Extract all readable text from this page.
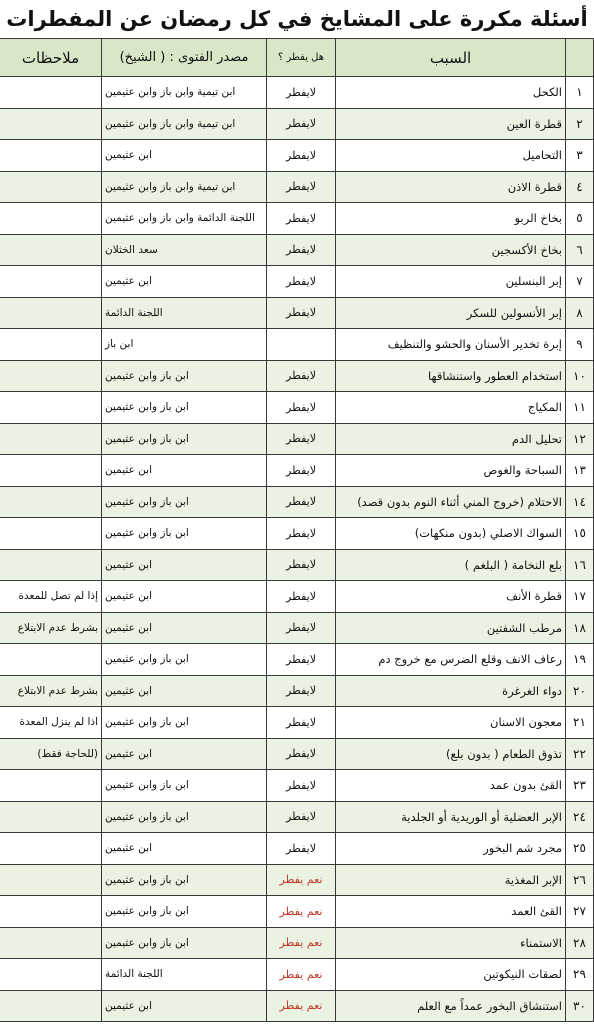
أسئلة مكررة على المشايخ في كل رمضان عن المفطرات
	السبب	هل يفطر ؟	مصدر الفتوى : ( الشيخ)	ملاحظات
١	الكحل	لايفطر	ابن تيمية وابن باز وابن عثيمين	
٢	قطرة العين	لايفطر	ابن تيمية وابن باز وابن عثيمين	
٣	التحاميل	لايفطر	ابن عثيمين	
٤	قطرة الاذن	لايفطر	ابن تيمية وابن باز وابن عثيمين	
٥	بخاخ الربو	لايفطر	اللجنة الدائمة وابن باز وابن عثيمين	
٦	بخاخ الأكسجين	لايفطر	سعد الخثلان	
٧	إبر البنسلين	لايفطر	ابن عثيمين	
٨	إبر الأنسولين للسكر	لايفطر	اللجنة الدائمة	
٩	إبرة تخدير الأسنان والحشو والتنظيف		ابن باز	
١٠	استخدام العطور واستنشاقها	لايفطر	ابن باز وابن عثيمين	
١١	المكياج	لايفطر	ابن باز وابن عثيمين	
١٢	تحليل الدم	لايفطر	ابن باز وابن عثيمين	
١٣	السباحة والغوص	لايفطر	ابن عثيمين	
١٤	الاحتلام (خروج المني أثناء النوم بدون قصد)	لايفطر	ابن باز وابن عثيمين	
١٥	السواك الاصلي (بدون منكهات)	لايفطر	ابن باز وابن عثيمين	
١٦	بلع النخامة ( البلغم )	لايفطر	ابن عثيمين	
١٧	قطرة الأنف	لايفطر	ابن عثيمين	إذا لم تصل للمعدة
١٨	مرطب الشفتين	لايفطر	ابن عثيمين	بشرط عدم الابتلاع
١٩	رعاف الانف وقلع الضرس مع خروج دم	لايفطر	ابن باز وابن عثيمين	
٢٠	دواء الغرغرة	لايفطر	ابن عثيمين	بشرط عدم الابتلاع
٢١	معجون الاسنان	لايفطر	ابن باز وابن عثيمين	اذا لم ينزل المعدة
٢٢	تذوق الطعام ( بدون بلع)	لايفطر	ابن عثيمين	(للحاجة فقط)
٢٣	القئ بدون عمد	لايفطر	ابن باز وابن عثيمين	
٢٤	الإبر العضلية أو الوريدية أو الجلدية	لايفطر	ابن باز وابن عثيمين	
٢٥	مجرد شم البخور	لايفطر	ابن عثيمين	
٢٦	الإبر المغذية	نعم يفطر	ابن باز وابن عثيمين	
٢٧	القئ العمد	نعم يفطر	ابن باز وابن عثيمين	
٢٨	الاستمناء	نعم يفطر	ابن باز وابن عثيمين	
٢٩	لصقات النيكوتين	نعم يفطر	اللجنة الدائمة	
٣٠	استنشاق البخور عمداً مع العلم	نعم يفطر	ابن عثيمين	
